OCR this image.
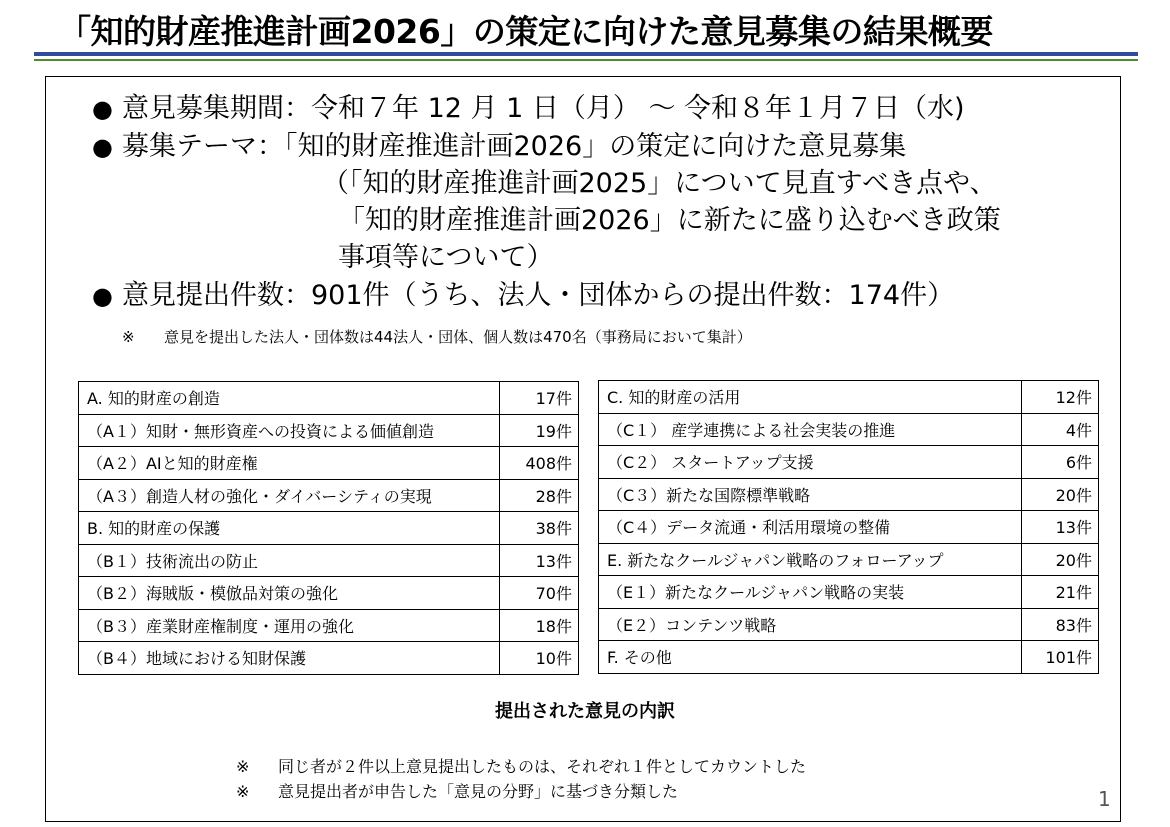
「知的財産推進計画2026」の策定に向けた意見募集の結果概要
● 意見募集期間：令和７年 12 月 1 日（月） ～ 令和８年１月７日（水)
● 募集テーマ：「知的財産推進計画2026」の策定に向けた意見募集
（「知的財産推進計画2025」について見直すべき点や、
「知的財産推進計画2026」に新たに盛り込むべき政策
事項等について）
● 意見提出件数：901件（うち、法人・団体からの提出件数：174件）
※ 意見を提出した法人・団体数は44法人・団体、個人数は470名（事務局において集計）
A. 知的財産の創造	17件
（A１）知財・無形資産への投資による価値創造	19件
（A２）AIと知的財産権	408件
（A３）創造人材の強化・ダイバーシティの実現	28件
B. 知的財産の保護	38件
（B１）技術流出の防止	13件
（B２）海賊版・模倣品対策の強化	70件
（B３）産業財産権制度・運用の強化	18件
（B４）地域における知財保護	10件
C. 知的財産の活用	12件
（C１） 産学連携による社会実装の推進	4件
（C２） スタートアップ支援	6件
（C３）新たな国際標準戦略	20件
（C４）データ流通・利活用環境の整備	13件
E. 新たなクールジャパン戦略のフォローアップ	20件
（E１）新たなクールジャパン戦略の実装	21件
（E２）コンテンツ戦略	83件
F. その他	101件
提出された意見の内訳
※ 同じ者が２件以上意見提出したものは、それぞれ１件としてカウントした
※ 意見提出者が申告した「意見の分野」に基づき分類した	1
